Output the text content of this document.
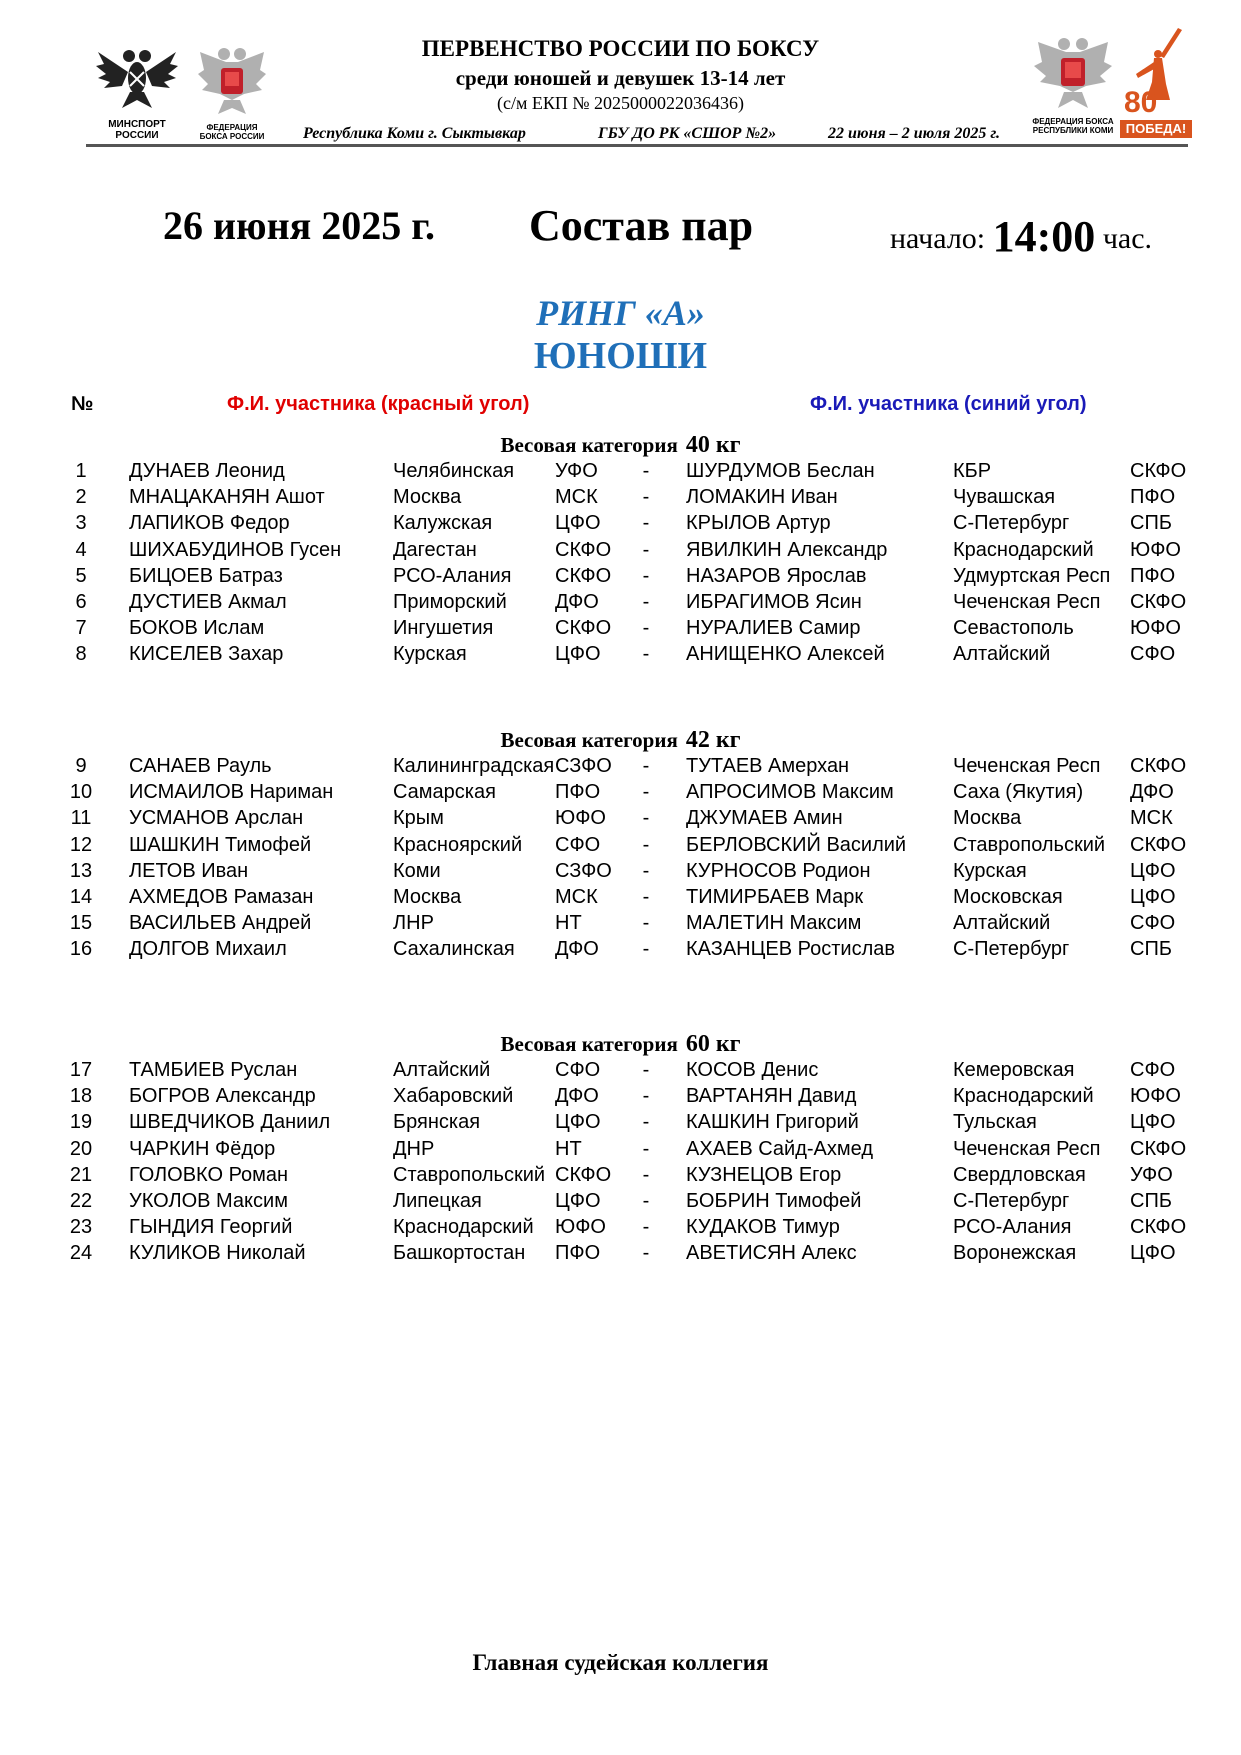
МИНСПОРТ
РОССИИ
ФЕДЕРАЦИЯ
БОКСА РОССИИ
ФЕДЕРАЦИЯ БОКСА
РЕСПУБЛИКИ КОМИ
80
ПОБЕДА!
ПЕРВЕНСТВО РОССИИ ПО БОКСУ
среди юношей и девушек 13-14 лет
(с/м ЕКП № 2025000022036436)
Республика Коми г. Сыктывкар	ГБУ ДО РК «СШОР №2»	22 июня – 2 июля 2025 г.
26 июня 2025 г. Состав пар	начало: 14:00 час.
РИНГ «А»
ЮНОШИ
№	Ф.И. участника (красный угол)	Ф.И. участника (синий угол)
Весовая категория 40 кг
1	ДУНАЕВ Леонид	Челябинская УФО - ШУРДУМОВ Беслан	КБР	СКФО
2	МНАЦАКАНЯН Ашот	Москва	МСК - ЛОМАКИН Иван	Чувашская	ПФО
3	ЛАПИКОВ Федор	Калужская	ЦФО - КРЫЛОВ Артур	С-Петербург	СПБ
4	ШИХАБУДИНОВ Гусен	Дагестан	СКФО - ЯВИЛКИН Александр	Краснодарский ЮФО
5	БИЦОЕВ Батраз	РСО-Алания СКФО - НАЗАРОВ Ярослав	Удмуртская Респ ПФО
6	ДУСТИЕВ Акмал	Приморский ДФО - ИБРАГИМОВ Ясин	Чеченская Респ СКФО
7	БОКОВ Ислам	Ингушетия	СКФО - НУРАЛИЕВ Самир	Севастополь	ЮФО
8	КИСЕЛЕВ Захар	Курская	ЦФО - АНИЩЕНКО Алексей	Алтайский	СФО
Весовая категория 42 кг
9	САНАЕВ Рауль	Калининградская СЗФО - ТУТАЕВ Амерхан	Чеченская Респ СКФО
10 ИСМАИЛОВ Нариман	Самарская	ПФО - АПРОСИМОВ Максим	Саха (Якутия) ДФО
11 УСМАНОВ Арслан	Крым	ЮФО - ДЖУМАЕВ Амин	Москва	МСК
12 ШАШКИН Тимофей	Красноярский СФО - БЕРЛОВСКИЙ Василий Ставропольский СКФО
13 ЛЕТОВ Иван	Коми	СЗФО - КУРНОСОВ Родион	Курская	ЦФО
14 АХМЕДОВ Рамазан	Москва	МСК - ТИМИРБАЕВ Марк	Московская	ЦФО
15 ВАСИЛЬЕВ Андрей	ЛНР	НТ	- МАЛЕТИН Максим	Алтайский	СФО
16 ДОЛГОВ Михаил	Сахалинская ДФО - КАЗАНЦЕВ Ростислав	С-Петербург	СПБ
Весовая категория 60 кг
17 ТАМБИЕВ Руслан	Алтайский	СФО - КОСОВ Денис	Кемеровская	СФО
18 БОГРОВ Александр	Хабаровский ДФО - ВАРТАНЯН Давид	Краснодарский ЮФО
19 ШВЕДЧИКОВ Даниил	Брянская	ЦФО - КАШКИН Григорий	Тульская	ЦФО
20 ЧАРКИН Фёдор	ДНР	НТ	- АХАЕВ Сайд-Ахмед	Чеченская Респ СКФО
21 ГОЛОВКО Роман	Ставропольский СКФО - КУЗНЕЦОВ Егор	Свердловская УФО
22 УКОЛОВ Максим	Липецкая	ЦФО - БОБРИН Тимофей	С-Петербург	СПБ
23 ГЫНДИЯ Георгий	Краснодарский ЮФО - КУДАКОВ Тимур	РСО-Алания	СКФО
24 КУЛИКОВ Николай	Башкортостан ПФО - АВЕТИСЯН Алекс	Воронежская	ЦФО
Главная судейская коллегия
